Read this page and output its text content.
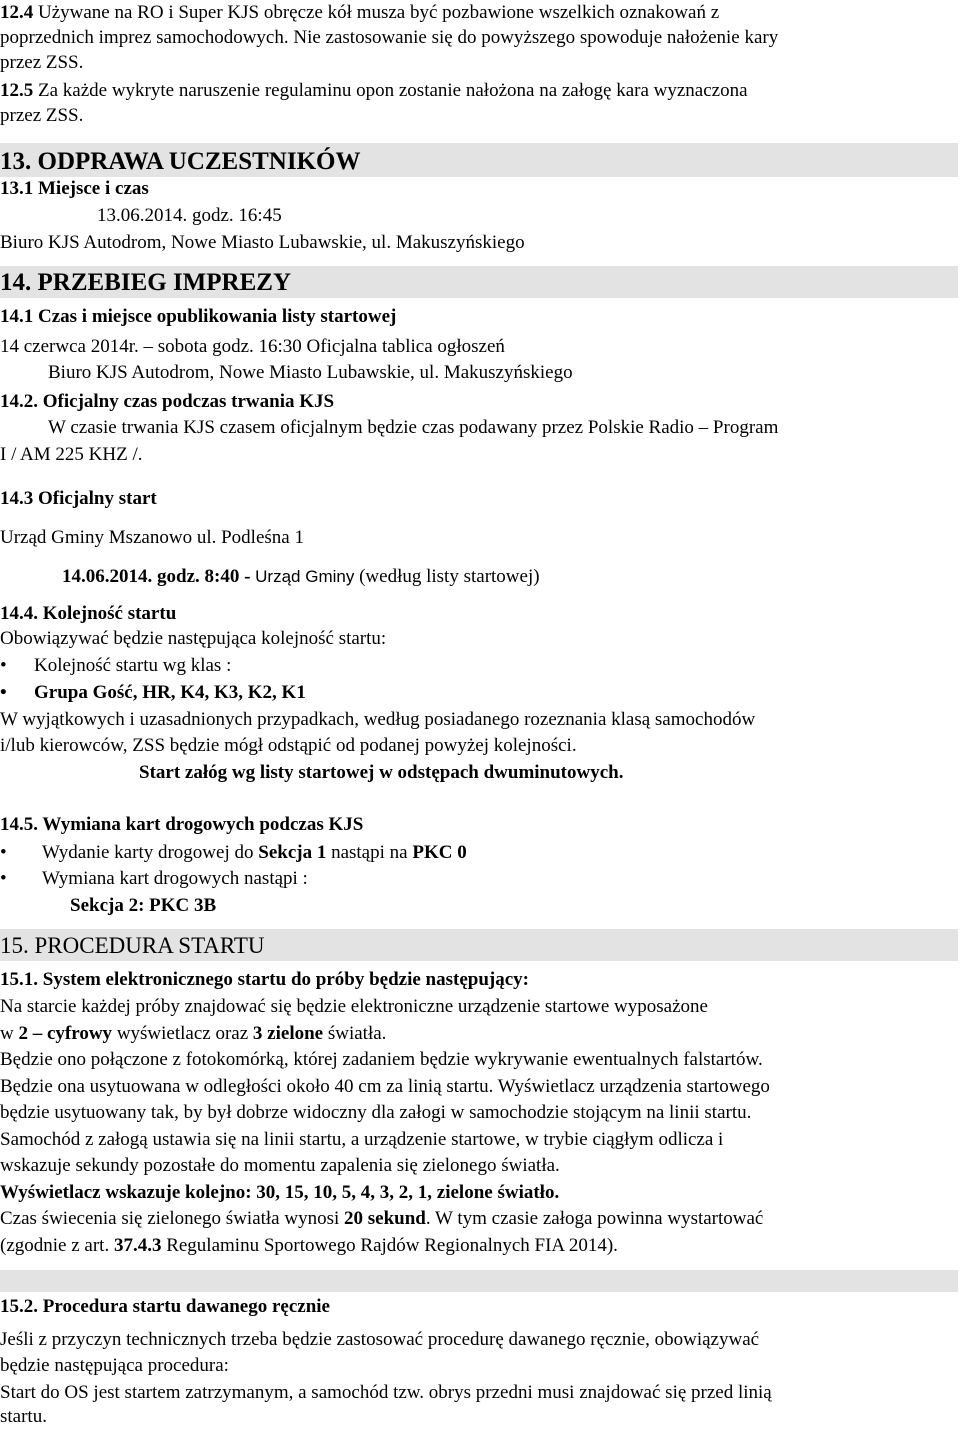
12.4 Używane na RO i Super KJS obręcze kół musza być pozbawione wszelkich oznakowań z

poprzednich imprez samochodowych. Nie zastosowanie się do powyższego spowoduje nałożenie kary

przez ZSS.

12.5 Za każde wykryte naruszenie regulaminu opon zostanie nałożona na załogę kara wyznaczona

przez ZSS.

13. ODPRAWA UCZESTNIKÓW

13.1 Miejsce i czas

13.06.2014. godz. 16:45

Biuro KJS Autodrom, Nowe Miasto Lubawskie, ul. Makuszyńskiego

14. PRZEBIEG IMPREZY

14.1 Czas i miejsce opublikowania listy startowej

14 czerwca 2014r. – sobota godz. 16:30 Oficjalna tablica ogłoszeń

Biuro KJS Autodrom, Nowe Miasto Lubawskie, ul. Makuszyńskiego

14.2. Oficjalny czas podczas trwania KJS

W czasie trwania KJS czasem oficjalnym będzie czas podawany przez Polskie Radio – Program

I / AM 225 KHZ /.

14.3 Oficjalny start

Urząd Gminy Mszanowo ul. Podleśna 1

14.06.2014. godz. 8:40 - Urząd Gminy (według listy startowej)

14.4. Kolejność startu

Obowiązywać będzie następująca kolejność startu:

• Kolejność startu wg klas :

• Grupa Gość, HR, K4, K3, K2, K1

W wyjątkowych i uzasadnionych przypadkach, według posiadanego rozeznania klasą samochodów

i/lub kierowców, ZSS będzie mógł odstąpić od podanej powyżej kolejności.

Start załóg wg listy startowej w odstępach dwuminutowych.

14.5. Wymiana kart drogowych podczas KJS

• Wydanie karty drogowej do Sekcja 1 nastąpi na PKC 0

• Wymiana kart drogowych nastąpi :

Sekcja 2: PKC 3B

15. PROCEDURA STARTU

15.1. System elektronicznego startu do próby będzie następujący:

Na starcie każdej próby znajdować się będzie elektroniczne urządzenie startowe wyposażone

w 2 – cyfrowy wyświetlacz oraz 3 zielone światła.

Będzie ono połączone z fotokomórką, której zadaniem będzie wykrywanie ewentualnych falstartów.

Będzie ona usytuowana w odległości około 40 cm za linią startu. Wyświetlacz urządzenia startowego

będzie usytuowany tak, by był dobrze widoczny dla załogi w samochodzie stojącym na linii startu.

Samochód z załogą ustawia się na linii startu, a urządzenie startowe, w trybie ciągłym odlicza i

wskazuje sekundy pozostałe do momentu zapalenia się zielonego światła.

Wyświetlacz wskazuje kolejno: 30, 15, 10, 5, 4, 3, 2, 1, zielone światło.

Czas świecenia się zielonego światła wynosi 20 sekund. W tym czasie załoga powinna wystartować

(zgodnie z art. 37.4.3 Regulaminu Sportowego Rajdów Regionalnych FIA 2014).

15.2. Procedura startu dawanego ręcznie

Jeśli z przyczyn technicznych trzeba będzie zastosować procedurę dawanego ręcznie, obowiązywać

będzie następująca procedura:

Start do OS jest startem zatrzymanym, a samochód tzw. obrys przedni musi znajdować się przed linią

startu.
